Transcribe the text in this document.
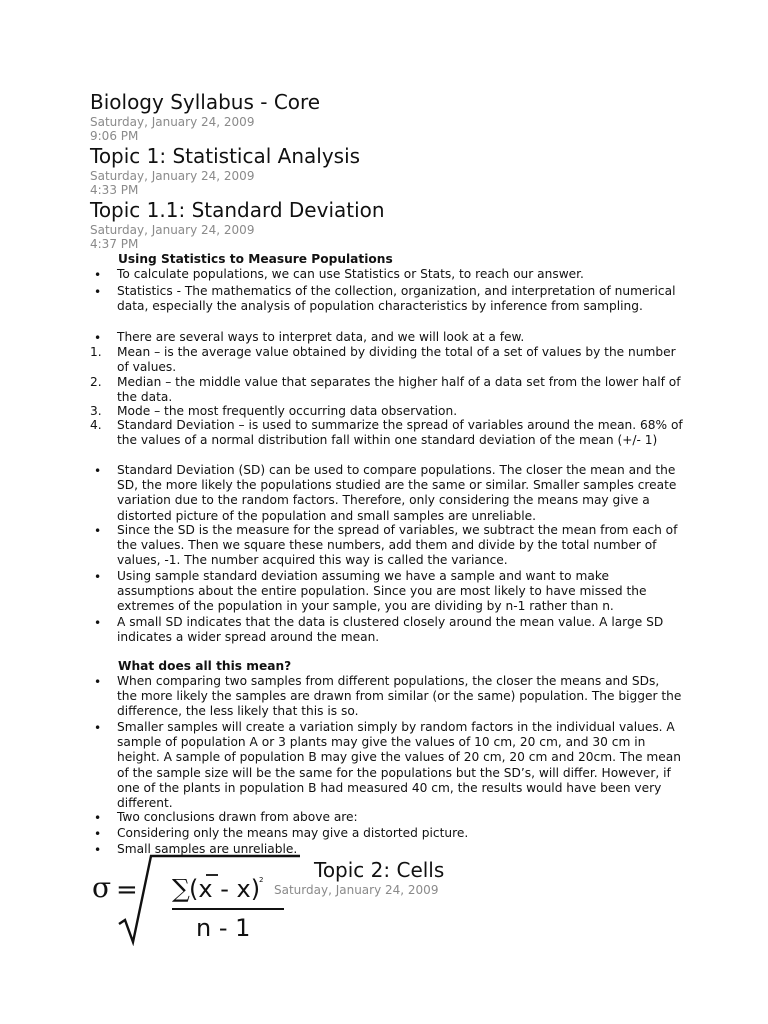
Biology Syllabus - Core
Saturday, January 24, 2009
9:06 PM
Topic 1: Statistical Analysis
Saturday, January 24, 2009
4:33 PM
Topic 1.1: Standard Deviation
Saturday, January 24, 2009
4:37 PM
Using Statistics to Measure Populations
•	To calculate populations, we can use Statistics or Stats, to reach our answer.
•	Statistics - The mathematics of the collection, organization, and interpretation of numerical data, especially the analysis of population characteristics by inference from sampling.
•	There are several ways to interpret data, and we will look at a few.
1.	Mean – is the average value obtained by dividing the total of a set of values by the number of values.
2.	Median – the middle value that separates the higher half of a data set from the lower half of the data.
3.	Mode – the most frequently occurring data observation.
4.	Standard Deviation – is used to summarize the spread of variables around the mean. 68% of the values of a normal distribution fall within one standard deviation of the mean (+/- 1)
•	Standard Deviation (SD) can be used to compare populations. The closer the mean and the SD, the more likely the populations studied are the same or similar. Smaller samples create variation due to the random factors. Therefore, only considering the means may give a distorted picture of the population and small samples are unreliable.
•	Since the SD is the measure for the spread of variables, we subtract the mean from each of the values. Then we square these numbers, add them and divide by the total number of values, -1. The number acquired this way is called the variance.
•	Using sample standard deviation assuming we have a sample and want to make assumptions about the entire population. Since you are most likely to have missed the extremes of the population in your sample, you are dividing by n-1 rather than n.
•	A small SD indicates that the data is clustered closely around the mean value. A large SD indicates a wider spread around the mean.
What does all this mean?
•	When comparing two samples from different populations, the closer the means and SDs, the more likely the samples are drawn from similar (or the same) population. The bigger the difference, the less likely that this is so.
•	Smaller samples will create a variation simply by random factors in the individual values. A sample of population A or 3 plants may give the values of 10 cm, 20 cm, and 30 cm in height. A sample of population B may give the values of 20 cm, 20 cm and 20cm. The mean of the sample size will be the same for the populations but the SD’s, will differ. However, if one of the plants in population B had measured 40 cm, the results would have been very different.
•	Two conclusions drawn from above are:
•	Considering only the means may give a distorted picture.
•	Small samples are unreliable.
σ = ∑ (x - x)
2
n - 1
Topic 2: Cells
Saturday, January 24, 2009
